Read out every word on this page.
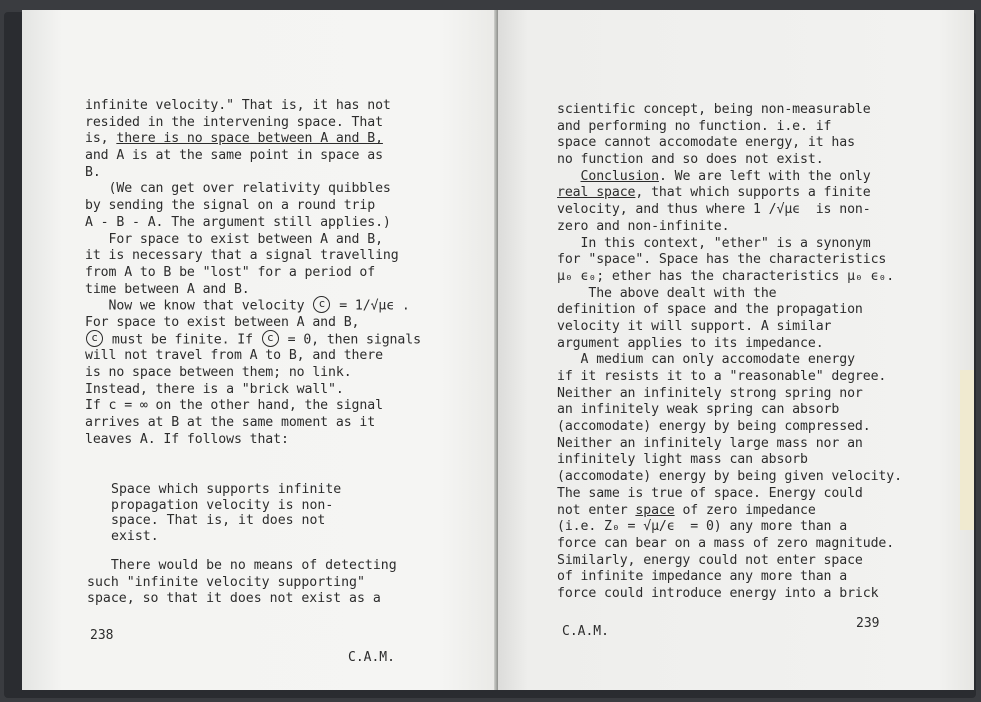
infinite velocity." That is, it has not
resided in the intervening space. That
is, there is no space between A and B,
and A is at the same point in space as
B.
(We can get over relativity quibbles
by sending the signal on a round trip
A - B - A. The argument still applies.)
For space to exist between A and B,
it is necessary that a signal travelling
from A to B be "lost" for a period of
time between A and B.
Now we know that velocity c = 1/√μϵ .
For space to exist between A and B,
c must be finite. If c = 0, then signals
will not travel from A to B, and there
is no space between them; no link.
Instead, there is a "brick wall".
If c = ∞ on the other hand, the signal
arrives at B at the same moment as it
leaves A. If follows that:
Space which supports infinite
propagation velocity is non-
space. That is, it does not
exist.
There would be no means of detecting
such "infinite velocity supporting"
space, so that it does not exist as a
238
C.A.M.
scientific concept, being non-measurable
and performing no function. i.e. if
space cannot accomodate energy, it has
no function and so does not exist.
Conclusion. We are left with the only
real space, that which supports a finite
velocity, and thus where 1 /√μϵ  is non-
zero and non-infinite.
In this context, "ether" is a synonym
for "space". Space has the characteristics
μ₀ ϵ₀; ether has the characteristics μ₀ ϵ₀.
The above dealt with the
definition of space and the propagation
velocity it will support. A similar
argument applies to its impedance.
A medium can only accomodate energy
if it resists it to a "reasonable" degree.
Neither an infinitely strong spring nor
an infinitely weak spring can absorb
(accomodate) energy by being compressed.
Neither an infinitely large mass nor an
infinitely light mass can absorb
(accomodate) energy by being given velocity.
The same is true of space. Energy could
not enter space of zero impedance
(i.e. Z₀ = √μ/ϵ  = 0) any more than a
force can bear on a mass of zero magnitude.
Similarly, energy could not enter space
of infinite impedance any more than a
force could introduce energy into a brick
C.A.M.
239
